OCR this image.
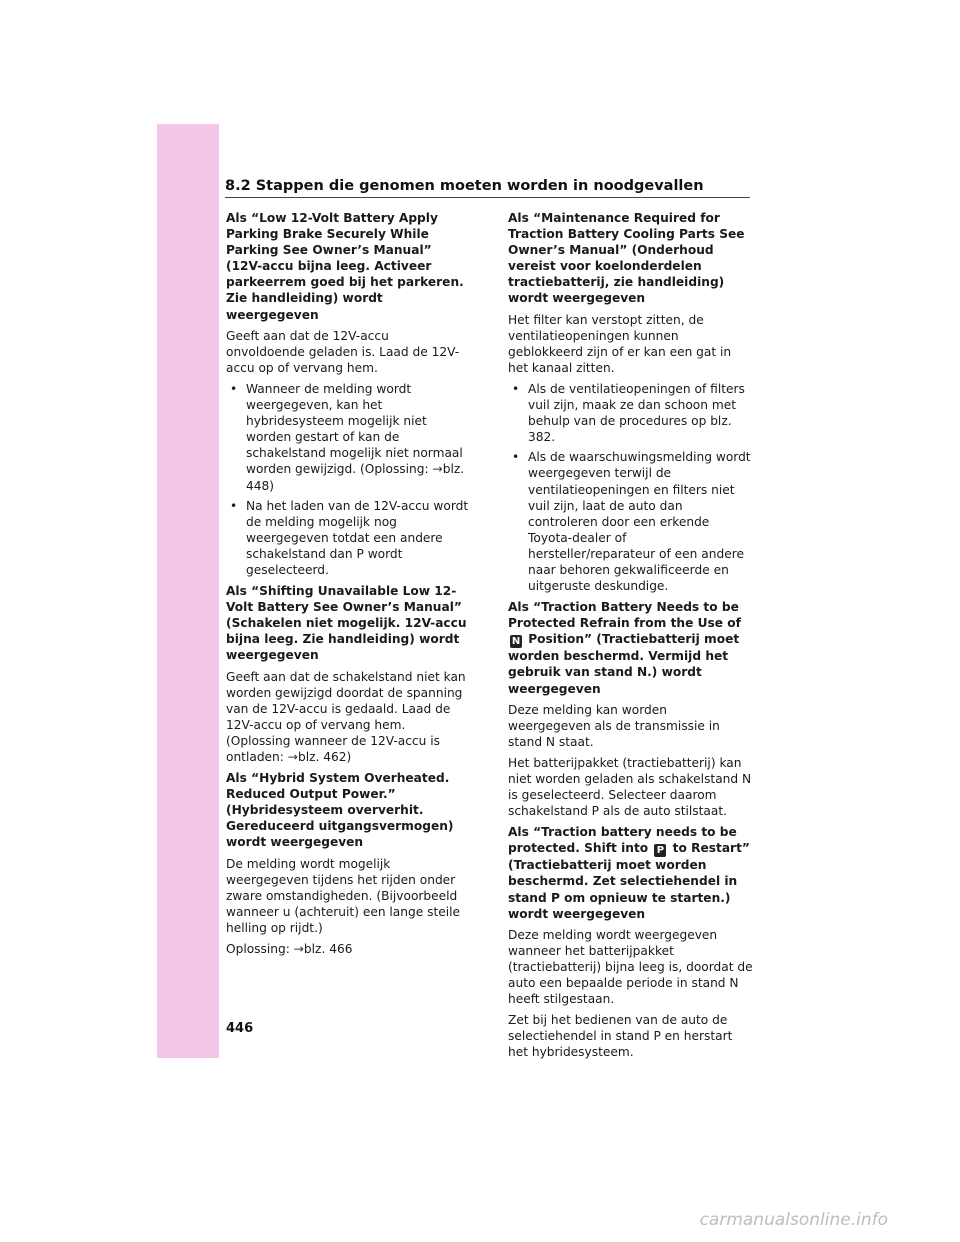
8.2 Stappen die genomen moeten worden in noodgevallen
Als “Low 12-Volt Battery Apply Parking Brake Securely While Parking See Owner’s Manual” (12V-accu bijna leeg. Activeer parkeerrem goed bij het parkeren. Zie handleiding) wordt weergegeven

Geeft aan dat de 12V-accu onvoldoende geladen is. Laad de 12V-accu op of vervang hem.

• Wanneer de melding wordt weergegeven, kan het hybridesysteem mogelijk niet worden gestart of kan de schakelstand mogelijk niet normaal worden gewijzigd. (Oplossing: →blz. 448)
• Na het laden van de 12V-accu wordt de melding mogelijk nog weergegeven totdat een andere schakelstand dan P wordt geselecteerd.
Als “Shifting Unavailable Low 12-Volt Battery See Owner’s Manual” (Schakelen niet mogelijk. 12V-accu bijna leeg. Zie handleiding) wordt weergegeven

Geeft aan dat de schakelstand niet kan worden gewijzigd doordat de spanning van de 12V-accu is gedaald. Laad de 12V-accu op of vervang hem. (Oplossing wanneer de 12V-accu is ontladen: →blz. 462)

Als “Hybrid System Overheated. Reduced Output Power.” (Hybridesysteem oververhit. Gereduceerd uitgangsvermogen) wordt weergegeven

De melding wordt mogelijk weergegeven tijdens het rijden onder zware omstandigheden. (Bijvoorbeeld wanneer u (achteruit) een lange steile helling op rijdt.)

Oplossing: →blz. 466

Als “Maintenance Required for Traction Battery Cooling Parts See Owner’s Manual” (Onderhoud vereist voor koelonderdelen tractiebatterij, zie handleiding) wordt weergegeven

Het filter kan verstopt zitten, de ventilatieopeningen kunnen geblokkeerd zijn of er kan een gat in het kanaal zitten.

• Als de ventilatieopeningen of filters vuil zijn, maak ze dan schoon met behulp van de procedures op blz. 382.
• Als de waarschuwingsmelding wordt weergegeven terwijl de ventilatieopeningen en filters niet vuil zijn, laat de auto dan controleren door een erkende Toyota-dealer of hersteller/reparateur of een andere naar behoren gekwalificeerde en uitgeruste deskundige.
Als “Traction Battery Needs to be Protected Refrain from the Use of N Position” (Tractiebatterij moet worden beschermd. Vermijd het gebruik van stand N.) wordt weergegeven

Deze melding kan worden weergegeven als de transmissie in stand N staat.

Het batterijpakket (tractiebatterij) kan niet worden geladen als schakelstand N is geselecteerd. Selecteer daarom schakelstand P als de auto stilstaat.

Als “Traction battery needs to be protected. Shift into P to Restart” (Tractiebatterij moet worden beschermd. Zet selectiehendel in stand P om opnieuw te starten.) wordt weergegeven

Deze melding wordt weergegeven wanneer het batterijpakket (tractiebatterij) bijna leeg is, doordat de auto een bepaalde periode in stand N heeft stilgestaan.

Zet bij het bedienen van de auto de selectiehendel in stand P en herstart het hybridesysteem.

446
carmanualsonline.info
